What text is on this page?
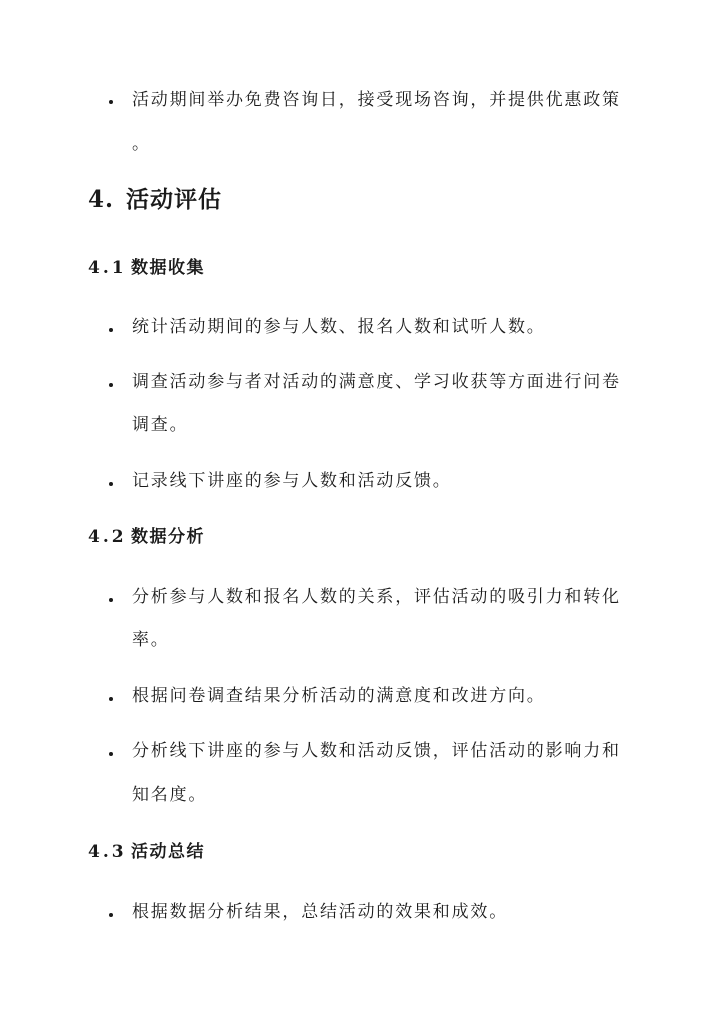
活动期间举办免费咨询日，接受现场咨询，并提供优惠政策
。
4. 活动评估
4.1 数据收集
统计活动期间的参与人数、报名人数和试听人数。
调查活动参与者对活动的满意度、学习收获等方面进行问卷
调查。
记录线下讲座的参与人数和活动反馈。
4.2 数据分析
分析参与人数和报名人数的关系，评估活动的吸引力和转化
率。
根据问卷调查结果分析活动的满意度和改进方向。
分析线下讲座的参与人数和活动反馈，评估活动的影响力和
知名度。
4.3 活动总结
根据数据分析结果，总结活动的效果和成效。
